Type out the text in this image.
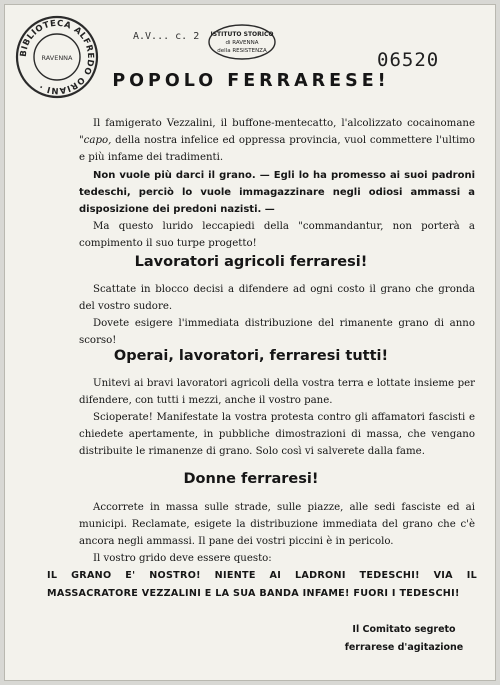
BIBLIOTECA ALFREDO ORIANI ·
RAVENNA
ISTITUTO STORICO
di RAVENNA
della RESISTENZA
A.V... c. 2
06520
POPOLO FERRARESE!

Il famigerato Vezzalini, il buffone-mentecatto, l'alcolizzato cocainomane "capo, della nostra infelice ed oppressa provincia, vuol commettere l'ultimo e più infame dei tradimenti.

Non vuole più darci il grano. — Egli lo ha promesso ai suoi padroni tedeschi, perciò lo vuole immagazzinare negli odiosi ammassi a disposizione dei predoni nazisti. —

Ma questo lurido leccapiedi della "commandantur, non porterà a compimento il suo turpe progetto!

Lavoratori agricoli ferraresi!

Scattate in blocco decisi a difendere ad ogni costo il grano che gronda del vostro sudore.

Dovete esigere l'immediata distribuzione del rimanente grano di anno scorso!

Operai, lavoratori, ferraresi tutti!

Unitevi ai bravi lavoratori agricoli della vostra terra e lottate insieme per difendere, con tutti i mezzi, anche il vostro pane.

Scioperate! Manifestate la vostra protesta contro gli affamatori fascisti e chiedete apertamente, in pubbliche dimostrazioni di massa, che vengano distribuite le rimanenze di grano. Solo così vi salverete dalla fame.

Donne ferraresi!

Accorrete in massa sulle strade, sulle piazze, alle sedi fasciste ed ai municipi. Reclamate, esigete la distribuzione immediata del grano che c'è ancora negli ammassi. Il pane dei vostri piccini è in pericolo.

Il vostro grido deve essere questo:

IL GRANO E' NOSTRO! NIENTE AI LADRONI TEDESCHI! VIA IL MASSACRATORE VEZZALINI E LA SUA BANDA INFAME! FUORI I TEDESCHI!

Il Comitato segreto
ferrarese d'agitazione
